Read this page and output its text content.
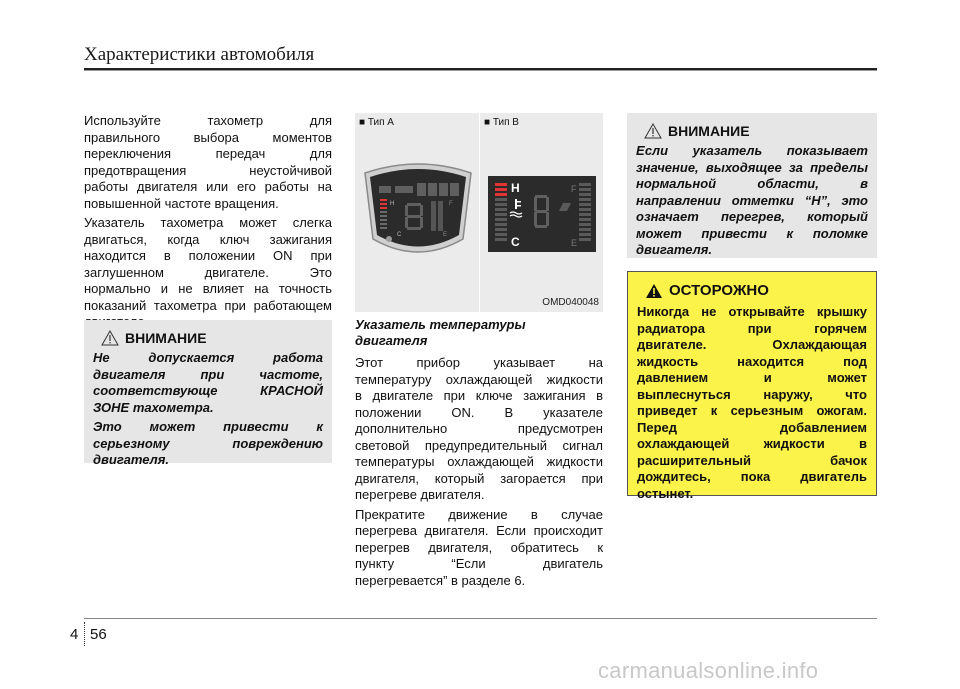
Характеристики автомобиля
Используйте тахометр для
правильного выбора моментов
переключения передач для
предотвращения неустойчивой
работы двигателя или его работы на
повышенной частоте вращения.
Указатель тахометра может слегка
двигаться, когда ключ зажигания
находится в положении ON при
заглушенном двигателе. Это
нормально и не влияет на точность
показаний тахометра при работающем
ВНИМАНИЕ

Не допускается работа
двигателя при частоте,
соответствующе КРАСНОЙ
ЗОНЕ тахометра.

Это может привести к
серьезному повреждению
двигателя.

■ Тип A	■ Тип B
H
C
F
E
H
C
F
E
OMD040048
Указатель температуры
двигателя
Этот прибор указывает на
температуру охлаждающей жидкости
в двигателе при ключе зажигания в
положении ON. В указателе
дополнительно предусмотрен
световой предупредительный сигнал
температуры охлаждающей жидкости
двигателя, который загорается при
перегреве двигателя.
Прекратите движение в случае
перегрева двигателя. Если происходит
перегрев двигателя, обратитесь к
пункту “Если двигатель
перегревается” в разделе 6.
ВНИМАНИЕ
Если указатель показывает
значение, выходящее за пределы
нормальной области, в
направлении отметки “H”, это
означает перегрев, который
может привести к поломке
двигателя.
ОСТОРОЖНО
Никогда не открывайте крышку
радиатора при горячем
двигателе. Охлаждающая
жидкость находится под
давлением и может
выплеснуться наружу, что
приведет к серьезным ожогам.
Перед добавлением
охлаждающей жидкости в
расширительный бачок
дождитесь, пока двигатель
остынет.
4 56
carmanualsonline.info
